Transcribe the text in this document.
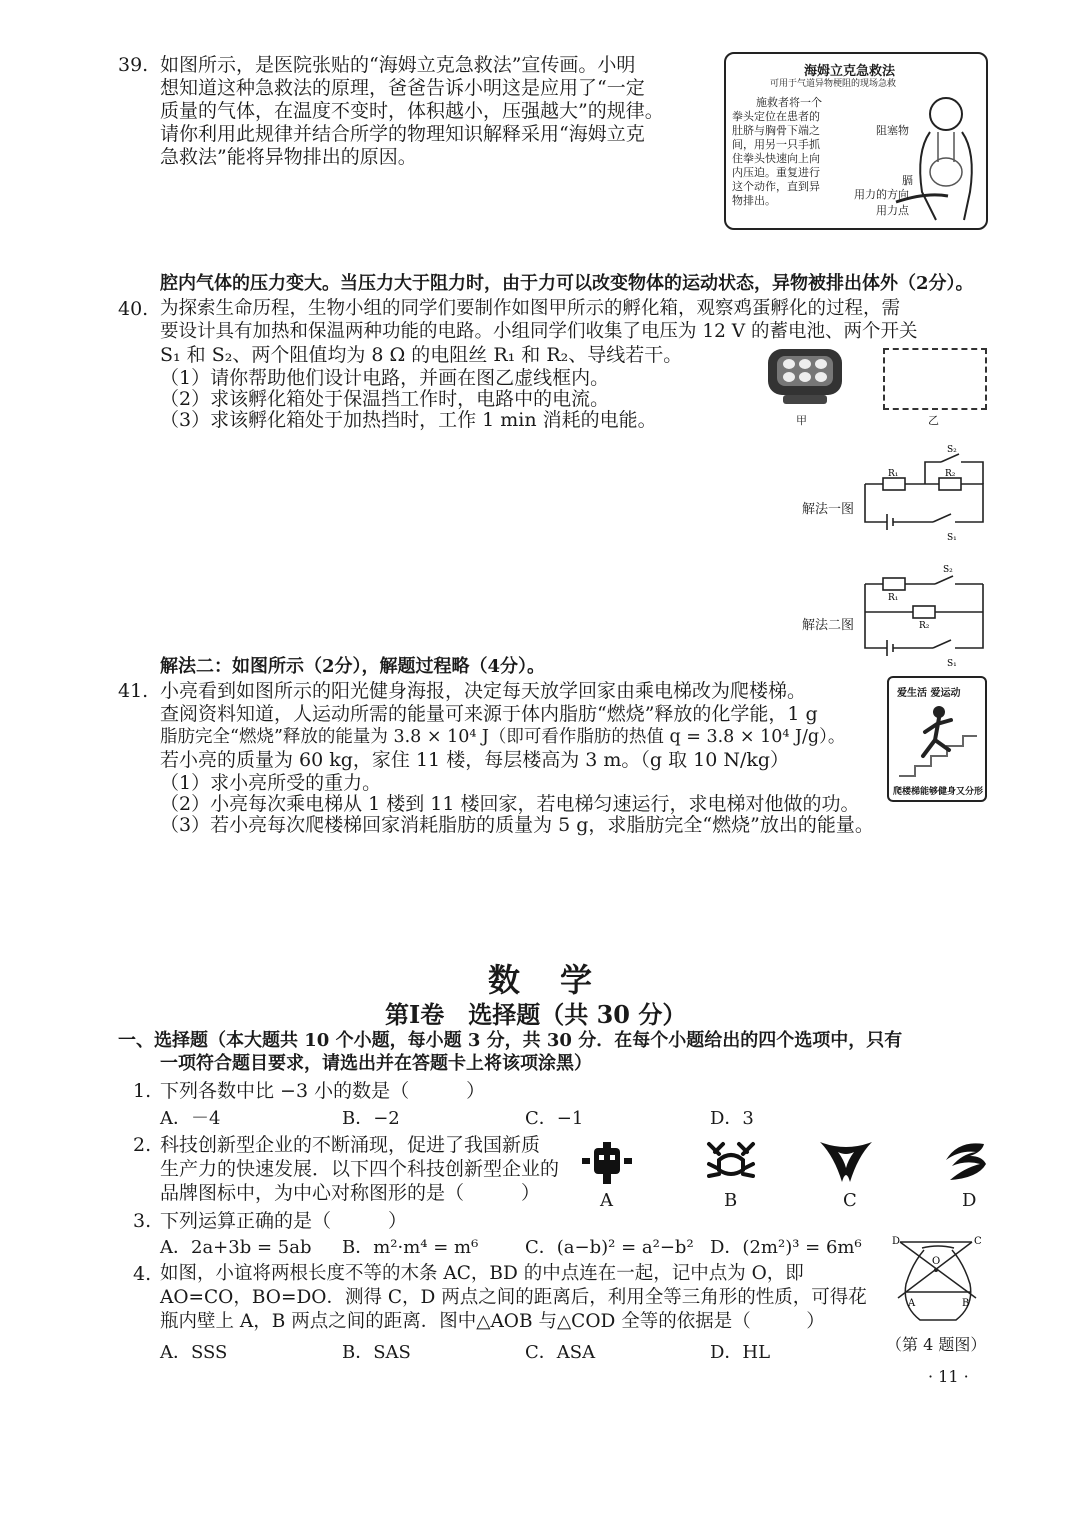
39. 如图所示，是医院张贴的“海姆立克急救法”宣传画。小明
想知道这种急救法的原理，爸爸告诉小明这是应用了“一定
质量的气体，在温度不变时，体积越小，压强越大”的规律。
请你利用此规律并结合所学的物理知识解释采用“海姆立克
急救法”能将异物排出的原因。
海姆立克急救法
可用于气道异物梗阻的现场急救
施救者将一个
拳头定位在患者的
肚脐与胸骨下端之
间，用另一只手抓
住拳头快速向上向
内压迫。重复进行
这个动作，直到异
物排出。
阻塞物
膈
用力的方向
用力点
腔内气体的压力变大。当压力大于阻力时，由于力可以改变物体的运动状态，异物被排出体外（2分）。
40. 为探索生命历程，生物小组的同学们要制作如图甲所示的孵化箱，观察鸡蛋孵化的过程，需
要设计具有加热和保温两种功能的电路。小组同学们收集了电压为 12 V 的蓄电池、两个开关
S₁ 和 S₂、两个阻值均为 8 Ω 的电阻丝 R₁ 和 R₂、导线若干。
（1）请你帮助他们设计电路，并画在图乙虚线框内。
（2）求该孵化箱处于保温挡工作时，电路中的电流。
（3）求该孵化箱处于加热挡时，工作 1 min 消耗的电能。	甲	乙
解法一图
R₁	R₂
S₂
S₁
解法二图
R₁
R₂
S₂
S₁
解法二：如图所示（2分），解题过程略（4分）。
41. 小亮看到如图所示的阳光健身海报，决定每天放学回家由乘电梯改为爬楼梯。
查阅资料知道，人运动所需的能量可来源于体内脂肪“燃烧”释放的化学能，1 g
脂肪完全“燃烧”释放的能量为 3.8 × 10⁴ J（即可看作脂肪的热值 q = 3.8 × 10⁴ J/g）。
若小亮的质量为 60 kg，家住 11 楼，每层楼高为 3 m。（g 取 10 N/kg）
（1）求小亮所受的重力。
（2）小亮每次乘电梯从 1 楼到 11 楼回家，若电梯匀速运行，求电梯对他做的功。
（3）若小亮每次爬楼梯回家消耗脂肪的质量为 5 g，求脂肪完全“燃烧”放出的能量。
爱生活 爱运动
爬楼梯能够健身又分形
数学
第Ⅰ卷　选择题（共 30 分）
一、选择题（本大题共 10 个小题，每小题 3 分，共 30 分．在每个小题给出的四个选项中，只有
一项符合题目要求，请选出并在答题卡上将该项涂黑）
1. 下列各数中比 −3 小的数是（　　　）
A．－4	B．−2	C．−1	D．3
2. 科技创新型企业的不断涌现，促进了我国新质
生产力的快速发展．以下四个科技创新型企业的
品牌图标中，为中心对称图形的是（　　　）	A	B	C	D
3. 下列运算正确的是（　　　）
A．2a+3b = 5ab B．m²·m⁴ = m⁶	C．(a−b)² = a²−b² D．(2m²)³ = 6m⁶
4. 如图，小谊将两根长度不等的木条 AC，BD 的中点连在一起，记中点为 O，即
AO=CO，BO=DO．测得 C，D 两点之间的距离后，利用全等三角形的性质，可得花
瓶内壁上 A，B 两点之间的距离．图中△AOB 与△COD 全等的依据是（　　　）
A．SSS	B．SAS	C．ASA	D．HL
D	C
O
A	B
（第 4 题图）
· 11 ·
